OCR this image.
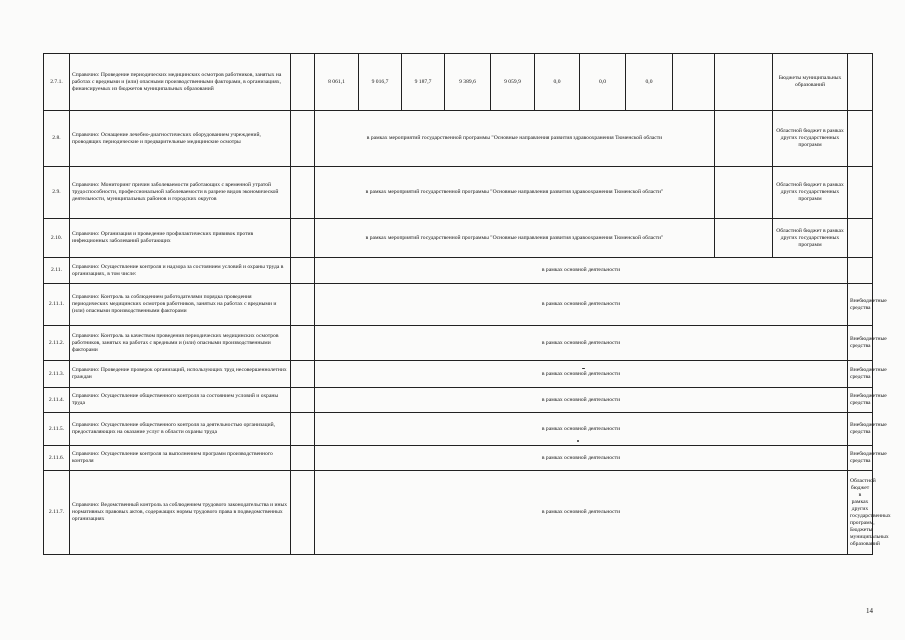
2.7.1.	Справочно: Проведение периодических медицинских осмотров работников, занятых на работах с вредными и (или) опасными производственными факторами, в организациях, финансируемых из бюджетов муниципальных образований		8 061,1	9 016,7	9 187,7	9 389,6	9 059,9	0,0	0,0	0,0			Бюджеты муниципальных образований		
2.8.	Справочно: Оснащение лечебно-диагностических оборудованием учреждений, проводящих периодические и предварительные медицинские осмотры		в рамках мероприятий государственной программы "Основные направления развития здравоохранения Тюменской области										Областной бюджет в рамках других государственных программ		
2.9.	Справочно: Мониторинг причин заболеваемости работающих с временной утратой трудоспособности, профессиональной заболеваемости в разрезе видов экономической деятельности, муниципальных районов и городских округов		в рамках мероприятий государственной программы "Основные направления развития здравоохранения Тюменской области"										Областной бюджет в рамках других государственных программ		
2.10.	Справочно: Организация и проведение профилактических прививок против инфекционных заболеваний работающих		в рамках мероприятий государственной программы "Основные направления развития здравоохранения Тюменской области"										Областной бюджет в рамках других государственных программ		
2.11.	Справочно: Осуществление контроля и надзора за состоянием условий и охраны труда в организациях, в том числе:		в рамках основной деятельности												
2.11.1.	Справочно: Контроль за соблюдением работодателями порядка проведения периодических медицинских осмотров работников, занятых на работах с вредными и (или) опасными производственными факторами		в рамках основной деятельности											Внебюджетные средства	
2.11.2.	Справочно: Контроль за качеством проведения периодических медицинских осмотров работников, занятых на работах с вредными и (или) опасными производственными факторами		в рамках основной деятельности											Внебюджетные средства	
2.11.3.	Справочно: Проведение проверок организаций, использующих труд несовершеннолетних граждан		в рамках основной деятельности											Внебюджетные средства	
2.11.4.	Справочно: Осуществление общественного контроля за состоянием условий и охраны труда		в рамках основной деятельности											Внебюджетные средства	
2.11.5.	Справочно: Осуществление общественного контроля за деятельностью организаций, предоставляющих на оказание услуг в области охраны труда		в рамках основной деятельности											Внебюджетные средства	
2.11.6.	Справочно: Осуществление контроля за выполнением программ производственного контроля		в рамках основной деятельности											Внебюджетные средства	
2.11.7.	Справочно: Ведомственный контроль за соблюдением трудового законодательства и иных нормативных правовых актов, содержащих нормы трудового права в подведомственных организациях		в рамках основной деятельности											Областной бюджет в рамках других государственных программ, Бюджеты муниципальных образований	
14
